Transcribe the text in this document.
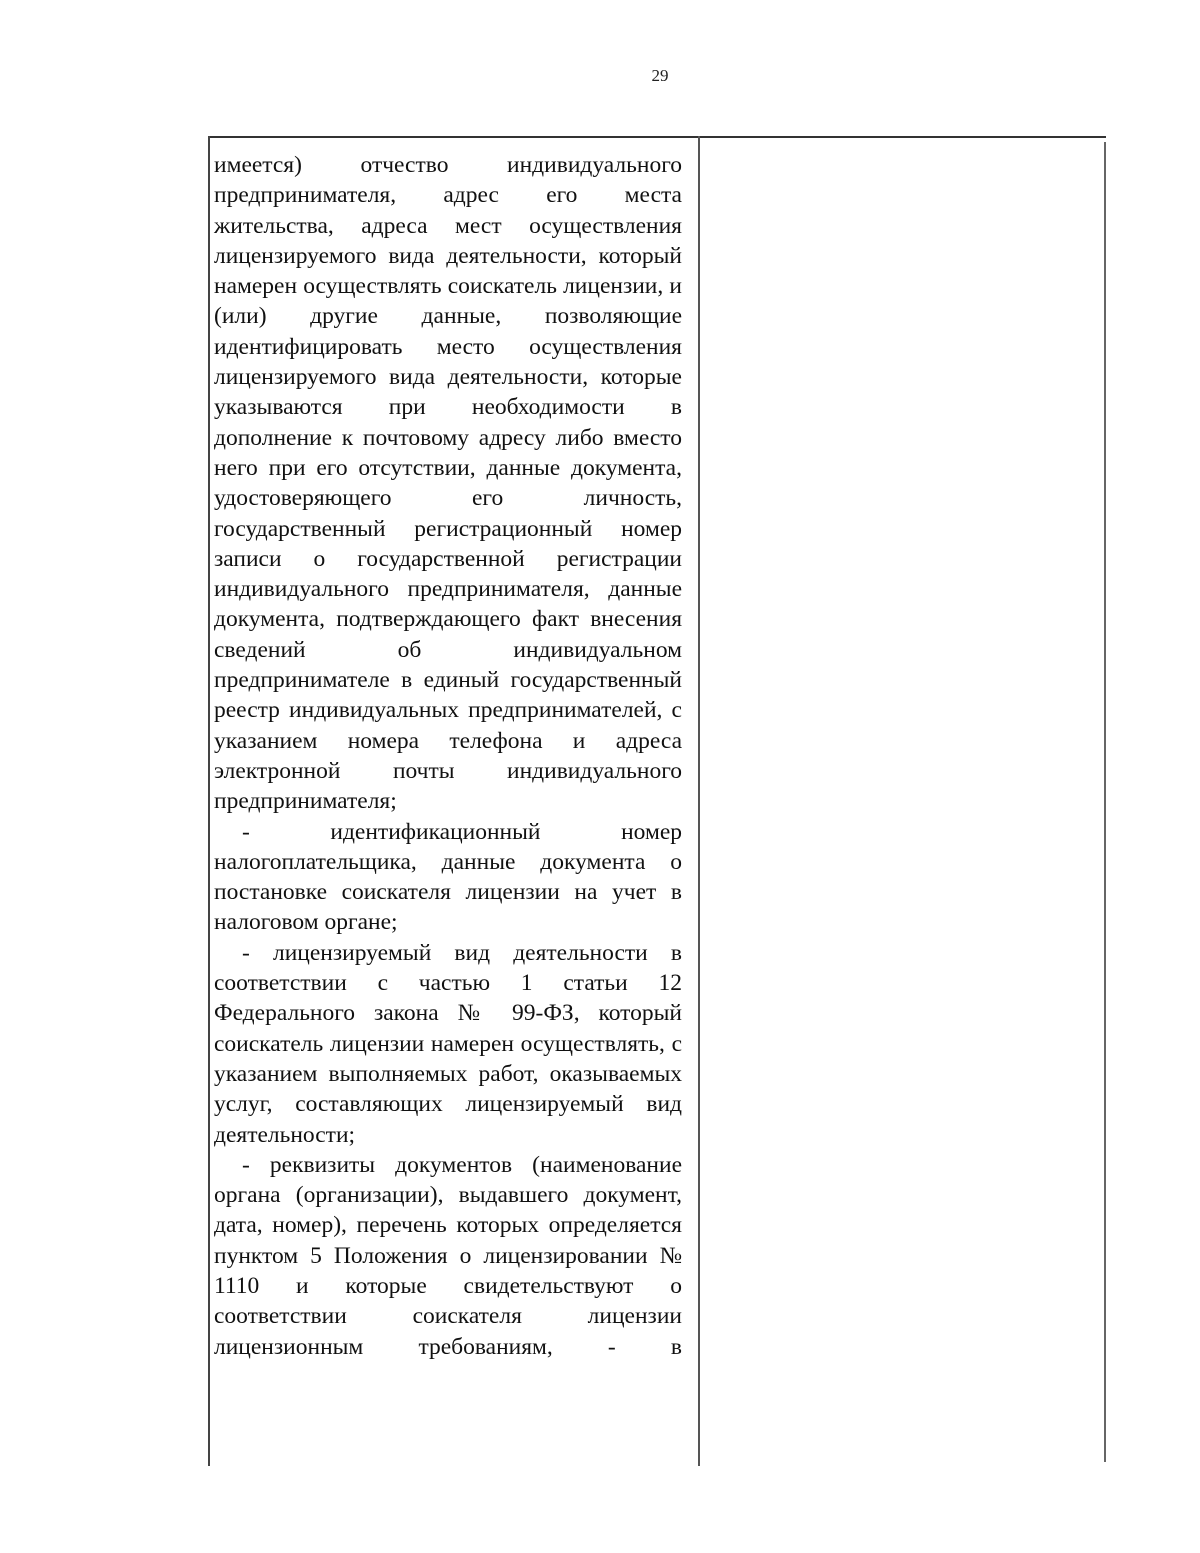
29

имеется) отчество индивидуального предпринимателя, адрес его места жительства, адреса мест осуществления лицензируемого вида деятельности, который намерен осуществлять соискатель лицензии, и (или) другие данные, позволяющие идентифицировать место осуществления лицензируемого вида деятельности, которые указываются при необходимости в дополнение к почтовому адресу либо вместо него при его отсутствии, данные документа, удостоверяющего его личность, государственный регистрационный номер записи о государственной регистрации индивидуального предпринимателя, данные документа, подтверждающего факт внесения сведений об индивидуальном предпринимателе в единый государственный реестр индивидуальных предпринимателей, с указанием номера телефона и адреса электронной почты индивидуального предпринимателя;

- идентификационный номер налогоплательщика, данные документа о постановке соискателя лицензии на учет в налоговом органе;

- лицензируемый вид деятельности в соответствии с частью 1 статьи 12 Федерального закона № 99-ФЗ, который соискатель лицензии намерен осуществлять, с указанием выполняемых работ, оказываемых услуг, составляющих лицензируемый вид деятельности;

- реквизиты документов (наименование органа (организации), выдавшего документ, дата, номер), перечень которых определяется пунктом 5 Положения о лицензировании № 1110 и которые свидетельствуют о соответствии соискателя лицензии лицензионным требованиям, - в
